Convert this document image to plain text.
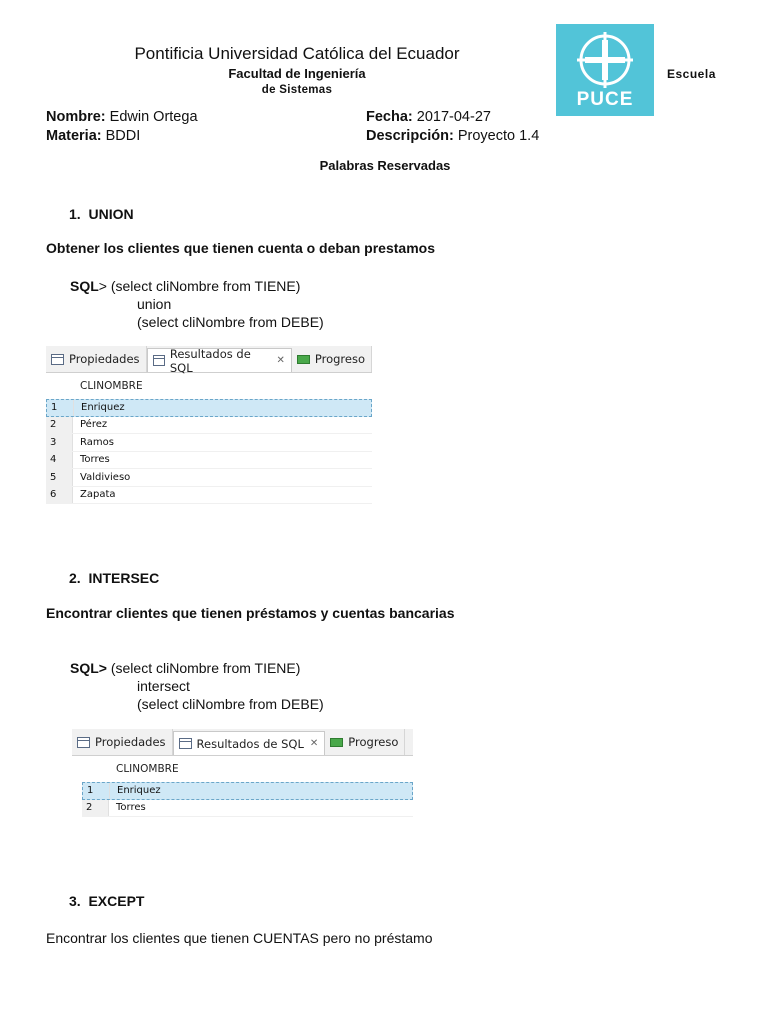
Pontificia Universidad Católica del Ecuador
Facultad de Ingeniería	Escuela
de Sistemas	PUCE
Nombre: Edwin Ortega
Materia: BDDI
Fecha: 2017-04-27
Descripción: Proyecto 1.4
Palabras Reservadas
1. UNION
Obtener los clientes que tienen cuenta o deban prestamos
SQL> (select cliNombre from TIENE)
union
(select cliNombre from DEBE)
Propiedades	Resultados de SQL	✕	Progreso
CLINOMBRE
1	Enriquez
2	Pérez
3	Ramos
4	Torres
5	Valdivieso
6	Zapata
2. INTERSEC
Encontrar clientes que tienen préstamos y cuentas bancarias
SQL> (select cliNombre from TIENE)
intersect
(select cliNombre from DEBE)
Propiedades	Resultados de SQL ✕	Progreso
CLINOMBRE
1	Enriquez
2	Torres
3. EXCEPT
Encontrar los clientes que tienen CUENTAS pero no préstamo
